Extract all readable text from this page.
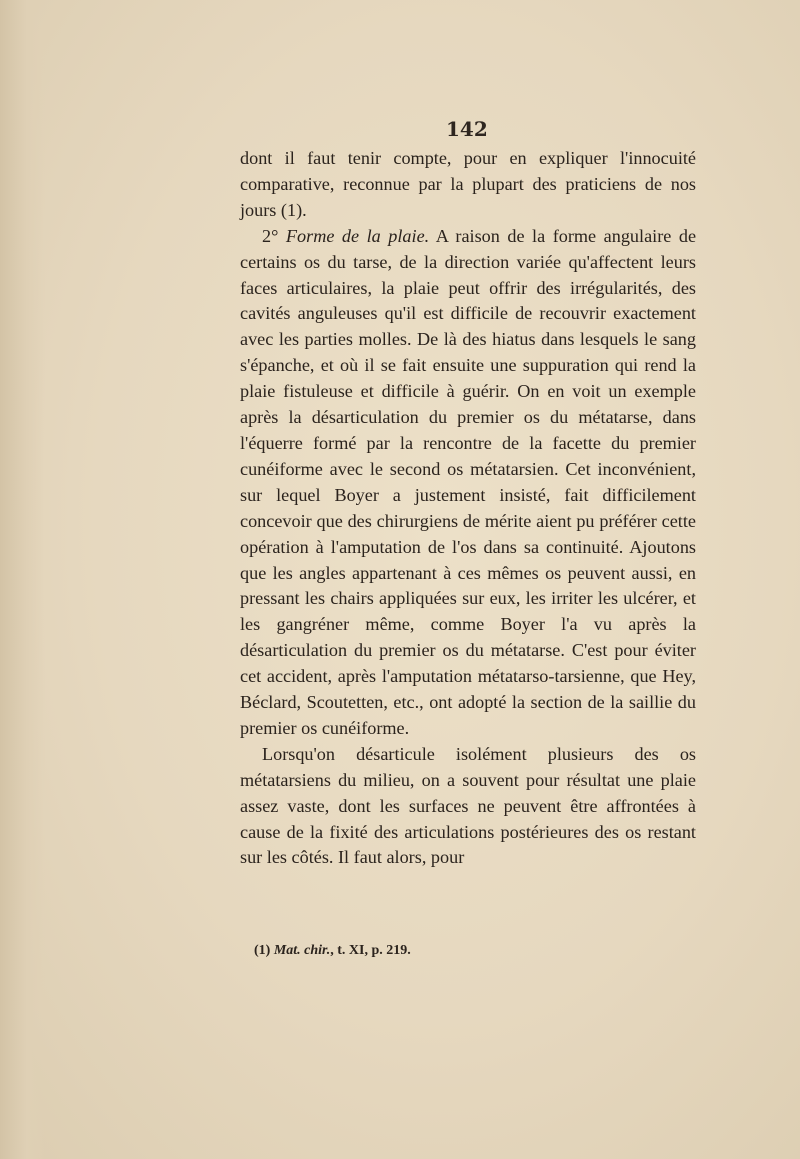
142

dont il faut tenir compte, pour en expliquer l'innocuité comparative, reconnue par la plupart des praticiens de nos jours (1).

2° Forme de la plaie. A raison de la forme angulaire de certains os du tarse, de la direction variée qu'affectent leurs faces articulaires, la plaie peut offrir des irrégularités, des cavités anguleuses qu'il est difficile de recouvrir exactement avec les parties molles. De là des hiatus dans lesquels le sang s'épanche, et où il se fait ensuite une suppuration qui rend la plaie fistuleuse et difficile à guérir. On en voit un exemple après la désarticulation du premier os du métatarse, dans l'équerre formé par la rencontre de la facette du premier cunéiforme avec le second os métatarsien. Cet inconvénient, sur lequel Boyer a justement insisté, fait difficilement concevoir que des chirurgiens de mérite aient pu préférer cette opération à l'amputation de l'os dans sa continuité. Ajoutons que les angles appartenant à ces mêmes os peuvent aussi, en pressant les chairs appliquées sur eux, les irriter les ulcérer, et les gangréner même, comme Boyer l'a vu après la désarticulation du premier os du métatarse. C'est pour éviter cet accident, après l'amputation métatarso-tarsienne, que Hey, Béclard, Scoutetten, etc., ont adopté la section de la saillie du premier os cunéiforme.

Lorsqu'on désarticule isolément plusieurs des os métatarsiens du milieu, on a souvent pour résultat une plaie assez vaste, dont les surfaces ne peuvent être affrontées à cause de la fixité des articulations postérieures des os restant sur les côtés. Il faut alors, pour

(1) Mat. chir., t. XI, p. 219.
